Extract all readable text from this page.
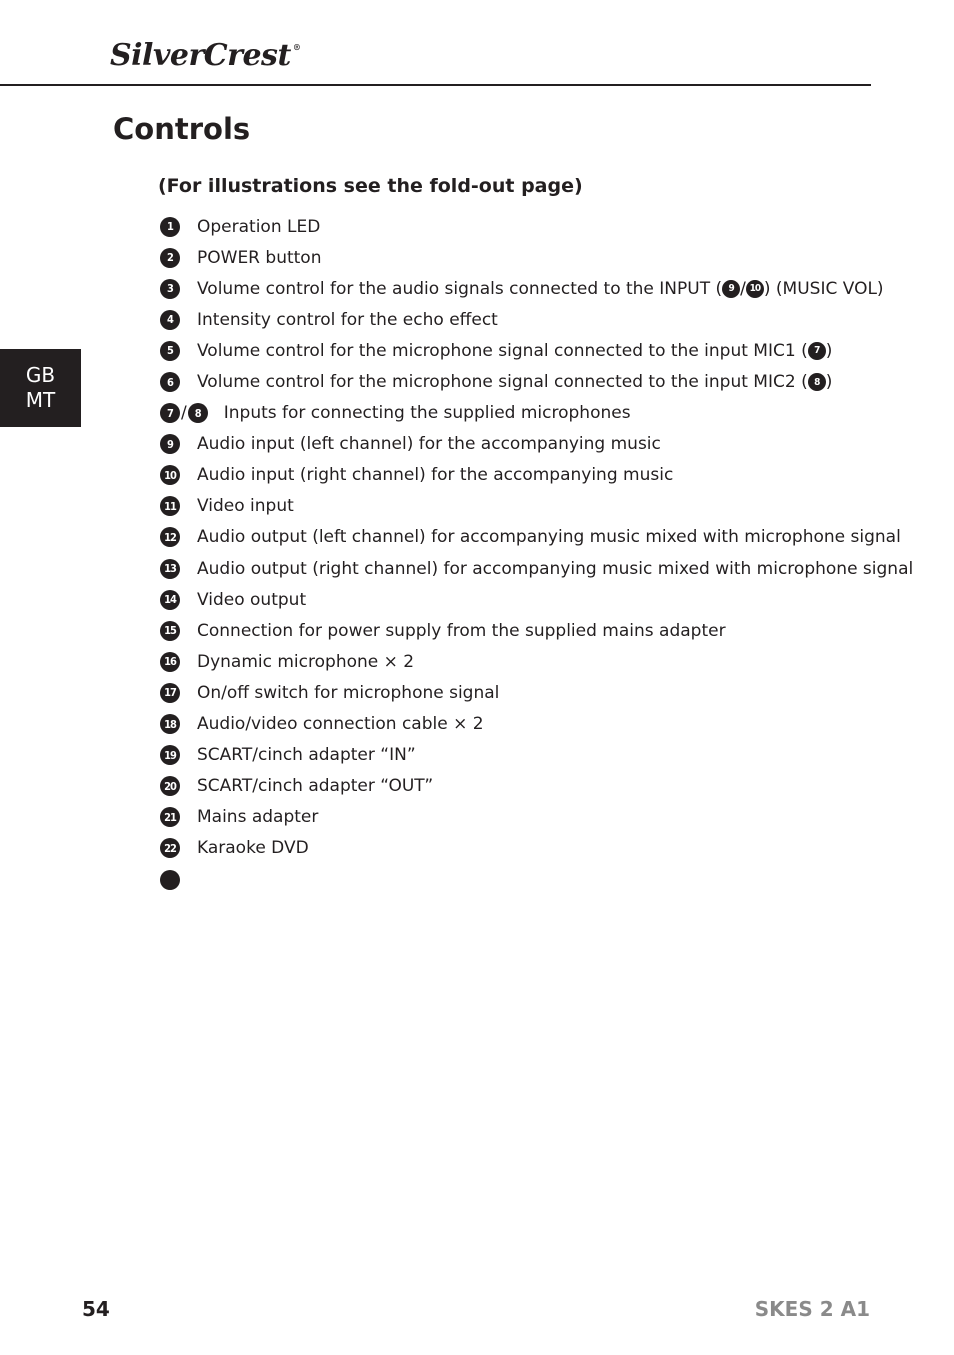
SilverCrest ®
Controls
(For illustrations see the fold-out page)
GB
MT
1	Operation LED
2	POWER button
3	Volume control for the audio signals connected to the INPUT ( 9 / 10 ) (MUSIC VOL)
4	Intensity control for the echo effect
5	Volume control for the microphone signal connected to the input MIC1 ( 7 )
6	Volume control for the microphone signal connected to the input MIC2 ( 8 )
7 / 8	Inputs for connecting the supplied microphones
9	Audio input (left channel) for the accompanying music
10 Audio input (right channel) for the accompanying music
11 Video input
12 Audio output (left channel) for accompanying music mixed with microphone signal
13 Audio output (right channel) for accompanying music mixed with microphone signal
14 Video output
15 Connection for power supply from the supplied mains adapter
16 Dynamic microphone × 2
17 On/off switch for microphone signal
18 Audio/video connection cable × 2
19 SCART/cinch adapter “IN”
20 SCART/cinch adapter “OUT”
21 Mains adapter
22 Karaoke DVD
54	SKES 2 A1
